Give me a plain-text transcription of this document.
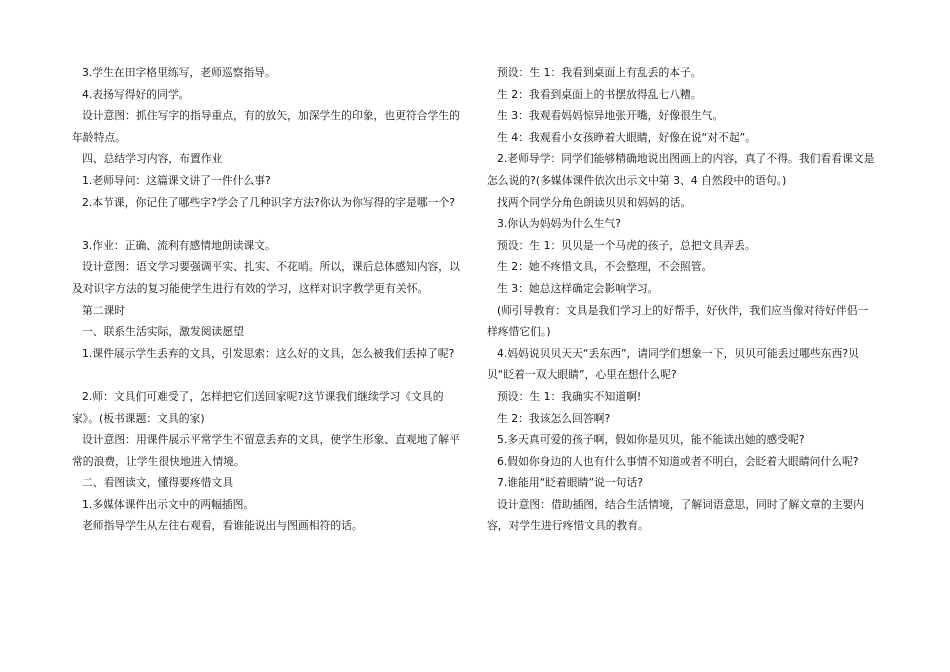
3.学生在田字格里练写，老师巡察指导。

4.表扬写得好的同学。

设计意图：抓住写字的指导重点，有的放矢，加深学生的印象，也更符合学生的年龄特点。

四、总结学习内容，布置作业

1.老师导问：这篇课文讲了一件什么事?

2.本节课，你记住了哪些字?学会了几种识字方法?你认为你写得的字是哪一个?

3.作业：正确、流利有感情地朗读课文。

设计意图：语文学习要强调平实、扎实、不花哨。所以，课后总体感知内容，以及对识字方法的复习能使学生进行有效的学习，这样对识字教学更有关怀。

第二课时

一、联系生活实际，激发阅读愿望

1.课件展示学生丢弃的文具，引发思索：这么好的文具，怎么被我们丢掉了呢?

2.师：文具们可难受了，怎样把它们送回家呢?这节课我们继续学习《文具的家》。(板书课题：文具的家)

设计意图：用课件展示平常学生不留意丢弃的文具，使学生形象、直观地了解平常的浪费，让学生很快地进入情境。

二、看图读文，懂得要疼惜文具

1.多媒体课件出示文中的两幅插图。

老师指导学生从左往右观看，看谁能说出与图画相符的话。

预设：生 1：我看到桌面上有乱丢的本子。

生 2：我看到桌面上的书摆放得乱七八糟。

生 3：我观看妈妈惊异地张开嘴，好像很生气。

生 4：我观看小女孩睁着大眼睛，好像在说“对不起”。

2.老师导学：同学们能够精确地说出图画上的内容，真了不得。我们看看课文是怎么说的?(多媒体课件依次出示文中第 3、4 自然段中的语句。)

找两个同学分角色朗读贝贝和妈妈的话。

3.你认为妈妈为什么生气?

预设：生 1：贝贝是一个马虎的孩子，总把文具弄丢。

生 2：她不疼惜文具，不会整理，不会照管。

生 3：她总这样确定会影响学习。

(师引导教育：文具是我们学习上的好帮手，好伙伴，我们应当像对待好伴侣一样疼惜它们。)

4.妈妈说贝贝天天“丢东西”，请同学们想象一下，贝贝可能丢过哪些东西?贝贝“眨着一双大眼睛”，心里在想什么呢?

预设：生 1：我确实不知道啊!

生 2：我该怎么回答啊?

5.多天真可爱的孩子啊，假如你是贝贝，能不能读出她的感受呢?

6.假如你身边的人也有什么事情不知道或者不明白，会眨着大眼睛问什么呢?

7.谁能用“眨着眼睛”说一句话?

设计意图：借助插图，结合生活情境，了解词语意思，同时了解文章的主要内容，对学生进行疼惜文具的教育。
